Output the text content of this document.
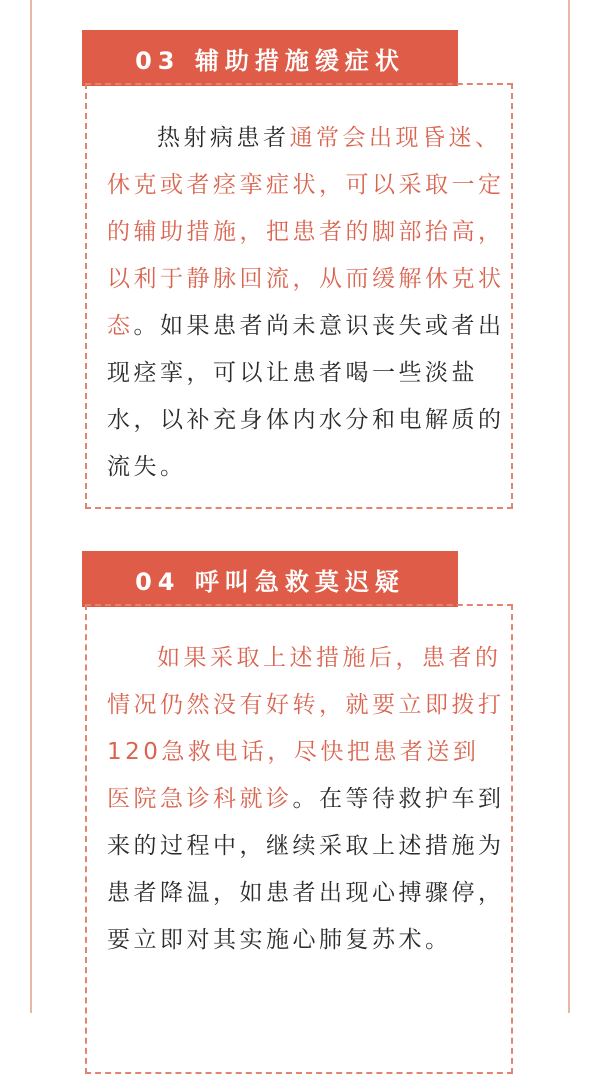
03 辅助措施缓症状

热射病患者通常会出现昏迷、休克或者痉挛症状，可以采取一定的辅助措施，把患者的脚部抬高，以利于静脉回流，从而缓解休克状态。如果患者尚未意识丧失或者出现痉挛，可以让患者喝一些淡盐水，以补充身体内水分和电解质的流失。

04 呼叫急救莫迟疑

如果采取上述措施后，患者的情况仍然没有好转，就要立即拨打120急救电话，尽快把患者送到医院急诊科就诊。在等待救护车到来的过程中，继续采取上述措施为患者降温，如患者出现心搏骤停，要立即对其实施心肺复苏术。
